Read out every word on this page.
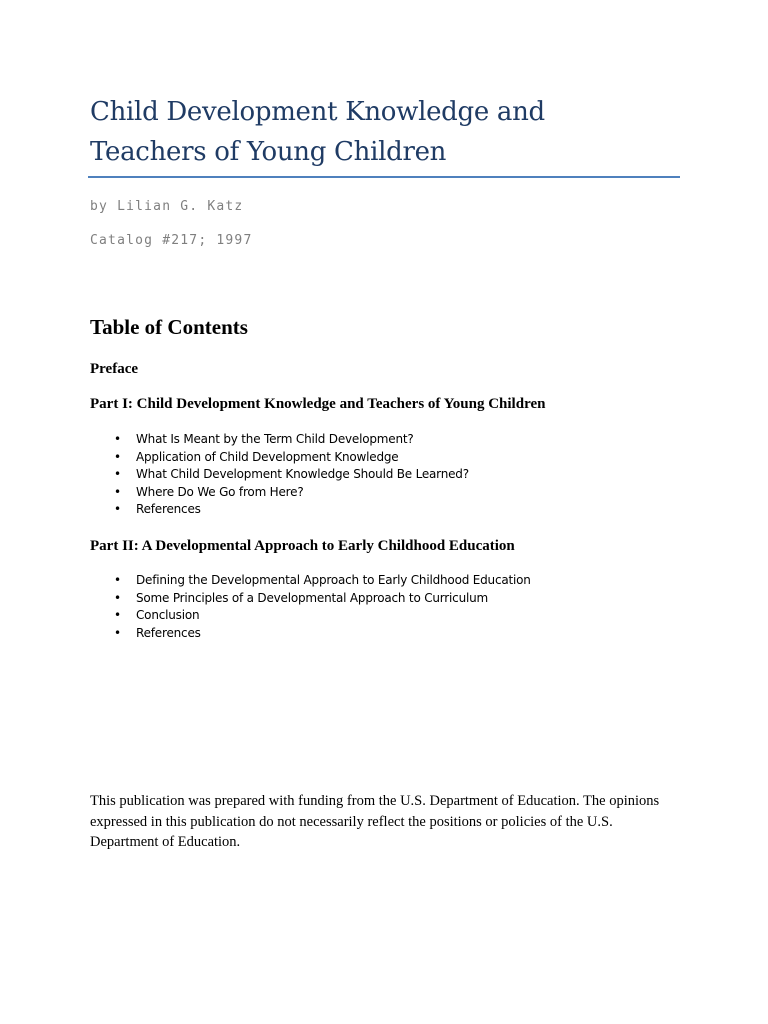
Child Development Knowledge and
Teachers of Young Children
by Lilian G. Katz
Catalog #217; 1997
Table of Contents
Preface
Part I: Child Development Knowledge and Teachers of Young Children
• What Is Meant by the Term Child Development?
• Application of Child Development Knowledge
• What Child Development Knowledge Should Be Learned?
• Where Do We Go from Here?
• References
Part II: A Developmental Approach to Early Childhood Education
• Defining the Developmental Approach to Early Childhood Education
• Some Principles of a Developmental Approach to Curriculum
• Conclusion
• References

This publication was prepared with funding from the U.S. Department of Education. The opinions expressed in this publication do not necessarily reflect the positions or policies of the U.S. Department of Education.
